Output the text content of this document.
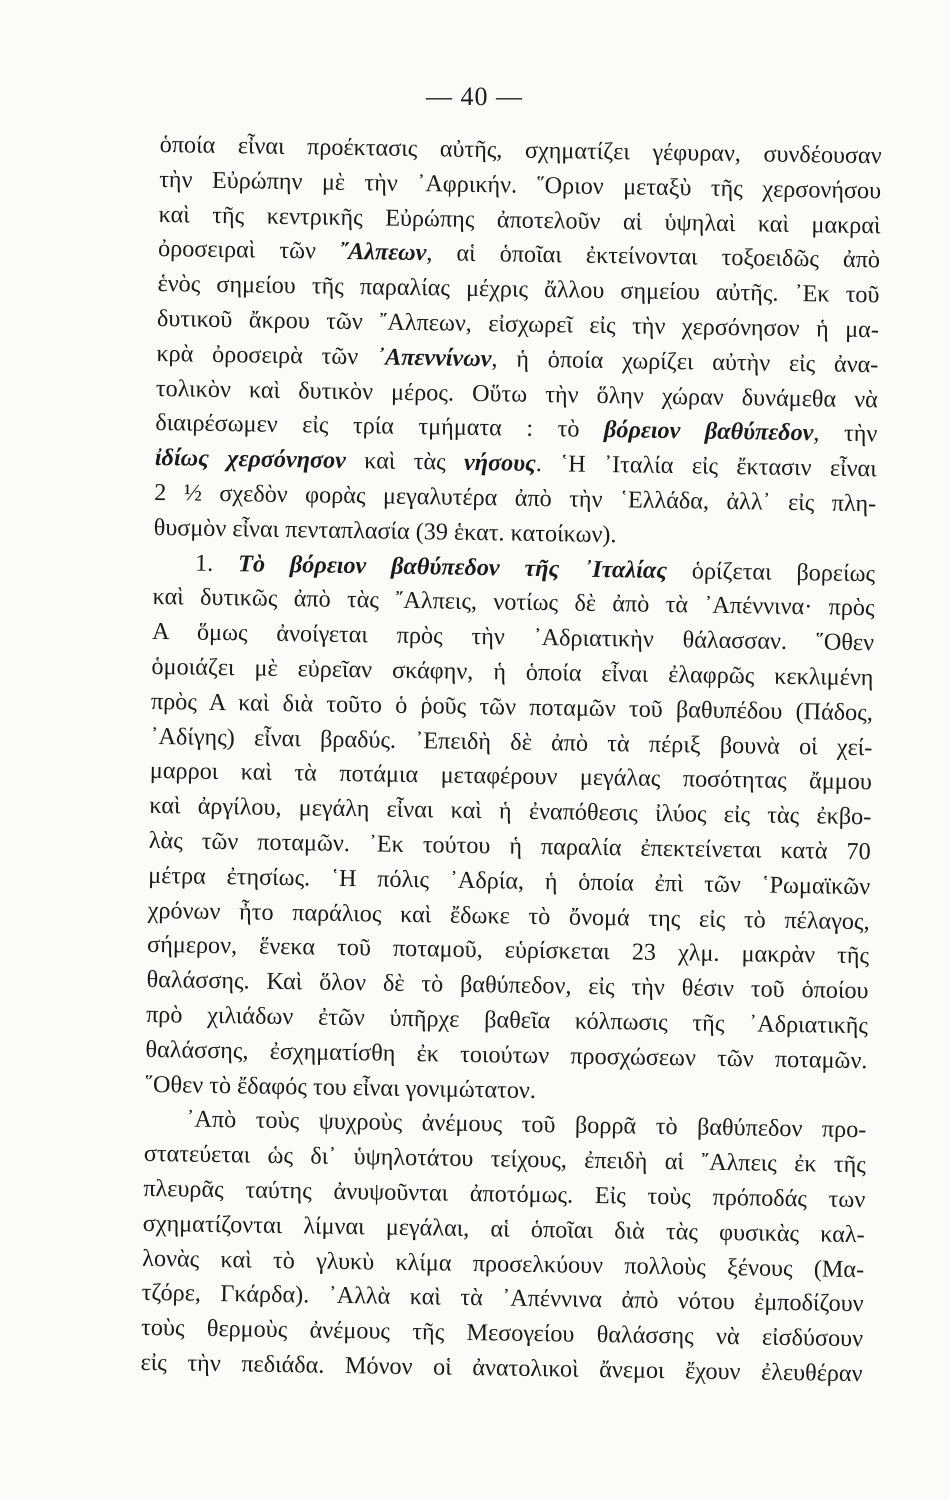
— 40 —
ὁποία εἶναι προέκτασις αὐτῆς, σχηματίζει γέφυραν, συνδέουσαν
τὴν Εὐρώπην μὲ τὴν ᾿Αφρικήν. ῞Οριον μεταξὺ τῆς χερσονήσου
καὶ τῆς κεντρικῆς Εὐρώπης ἀποτελοῦν αἱ ὑψηλαὶ καὶ μακραὶ
ὀροσειραὶ τῶν ῎Αλπεων, αἱ ὁποῖαι ἐκτείνονται τοξοειδῶς ἀπὸ
ἑνὸς σημείου τῆς παραλίας μέχρις ἄλλου σημείου αὐτῆς. ᾿Εκ τοῦ
δυτικοῦ ἄκρου τῶν ῎Αλπεων, εἰσχωρεῖ εἰς τὴν χερσόνησον ἡ μα-
κρὰ ὀροσειρὰ τῶν ᾿Απεννίνων, ἡ ὁποία χωρίζει αὐτὴν εἰς ἀνα-
τολικὸν καὶ δυτικὸν μέρος. Οὕτω τὴν ὅλην χώραν δυνάμεθα νὰ
διαιρέσωμεν εἰς τρία τμήματα : τὸ βόρειον βαθύπεδον, τὴν
ἰδίως χερσόνησον καὶ τὰς νήσους. ῾Η ᾿Ιταλία εἰς ἔκτασιν εἶναι
2 ½ σχεδὸν φορὰς μεγαλυτέρα ἀπὸ τὴν ῾Ελλάδα, ἀλλ᾿ εἰς πλη-
θυσμὸν εἶναι πενταπλασία (39 ἑκατ. κατοίκων).
1. Τὸ βόρειον βαθύπεδον τῆς ᾿Ιταλίας ὁρίζεται βορείως
καὶ δυτικῶς ἀπὸ τὰς ῎Αλπεις, νοτίως δὲ ἀπὸ τὰ ᾿Απέννινα· πρὸς
Α ὅμως ἀνοίγεται πρὸς τὴν ᾿Αδριατικὴν θάλασσαν. ῞Οθεν
ὁμοιάζει μὲ εὐρεῖαν σκάφην, ἡ ὁποία εἶναι ἐλαφρῶς κεκλιμένη
πρὸς Α καὶ διὰ τοῦτο ὁ ῥοῦς τῶν ποταμῶν τοῦ βαθυπέδου (Πάδος,
᾿Αδίγης) εἶναι βραδύς. ᾿Επειδὴ δὲ ἀπὸ τὰ πέριξ βουνὰ οἱ χεί-
μαρροι καὶ τὰ ποτάμια μεταφέρουν μεγάλας ποσότητας ἄμμου
καὶ ἀργίλου, μεγάλη εἶναι καὶ ἡ ἐναπόθεσις ἰλύος εἰς τὰς ἐκβο-
λὰς τῶν ποταμῶν. ᾿Εκ τούτου ἡ παραλία ἐπεκτείνεται κατὰ 70
μέτρα ἐτησίως. ῾Η πόλις ᾿Αδρία, ἡ ὁποία ἐπὶ τῶν ῾Ρωμαϊκῶν
χρόνων ἦτο παράλιος καὶ ἔδωκε τὸ ὄνομά της εἰς τὸ πέλαγος,
σήμερον, ἕνεκα τοῦ ποταμοῦ, εὑρίσκεται 23 χλμ. μακρὰν τῆς
θαλάσσης. Καὶ ὅλον δὲ τὸ βαθύπεδον, εἰς τὴν θέσιν τοῦ ὁποίου
πρὸ χιλιάδων ἐτῶν ὑπῆρχε βαθεῖα κόλπωσις τῆς ᾿Αδριατικῆς
θαλάσσης, ἐσχηματίσθη ἐκ τοιούτων προσχώσεων τῶν ποταμῶν.
῞Οθεν τὸ ἔδαφός του εἶναι γονιμώτατον.
᾿Απὸ τοὺς ψυχροὺς ἀνέμους τοῦ βορρᾶ τὸ βαθύπεδον προ-
στατεύεται ὡς δι᾿ ὑψηλοτάτου τείχους, ἐπειδὴ αἱ ῎Αλπεις ἐκ τῆς
πλευρᾶς ταύτης ἀνυψοῦνται ἀποτόμως. Εἰς τοὺς πρόποδάς των
σχηματίζονται λίμναι μεγάλαι, αἱ ὁποῖαι διὰ τὰς φυσικὰς καλ-
λονὰς καὶ τὸ γλυκὺ κλίμα προσελκύουν πολλοὺς ξένους (Μα-
τζόρε, Γκάρδα). ᾿Αλλὰ καὶ τὰ ᾿Απέννινα ἀπὸ νότου ἐμποδίζουν
τοὺς θερμοὺς ἀνέμους τῆς Μεσογείου θαλάσσης νὰ εἰσδύσουν
εἰς τὴν πεδιάδα. Μόνον οἱ ἀνατολικοὶ ἄνεμοι ἔχουν ἐλευθέραν
